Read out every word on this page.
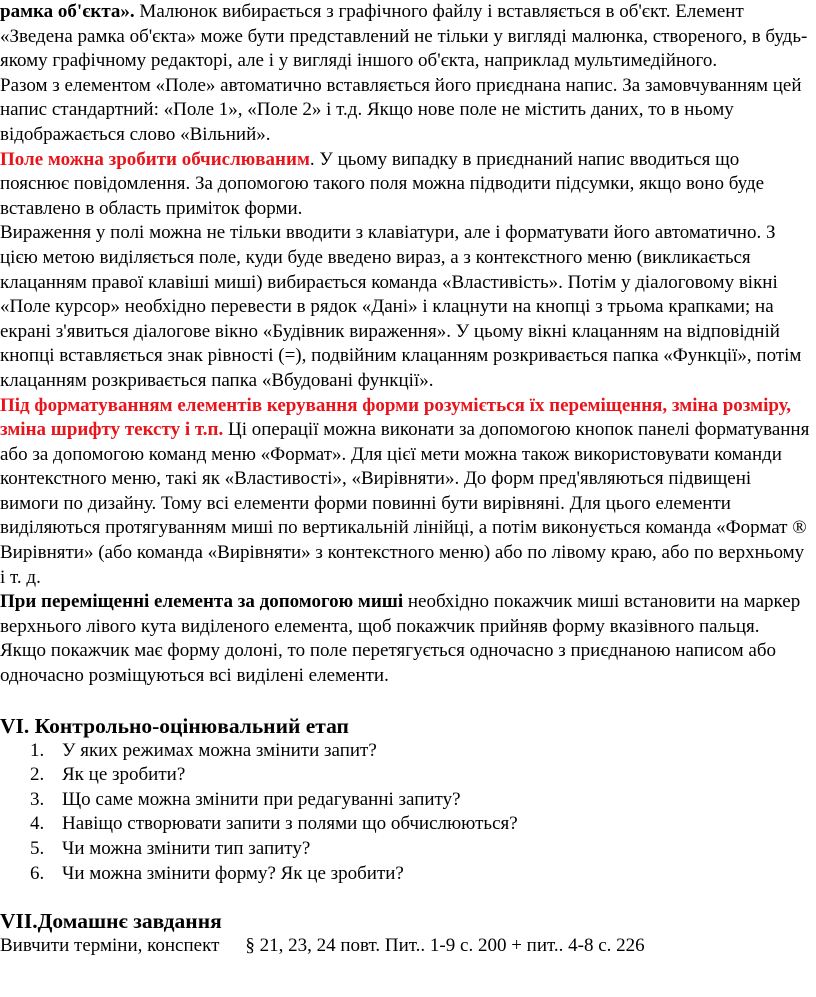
рамка об'єкта». Малюнок вибирається з графічного файлу і вставляється в об'єкт. Елемент «Зведена рамка об'єкта» може бути представлений не тільки у вигляді малюнка, створеного, в будь-якому графічному редакторі, але і у вигляді іншого об'єкта, наприклад мультимедійного.

Разом з елементом «Поле» автоматично вставляється його приєднана напис. За замовчуванням цей напис стандартний: «Поле 1», «Поле 2» і т.д. Якщо нове поле не містить даних, то в ньому відображається слово «Вільний».

Поле можна зробити обчислюваним. У цьому випадку в приєднаний напис вводиться що пояснює повідомлення. За допомогою такого поля можна підводити підсумки, якщо воно буде вставлено в область приміток форми.

Вираження у полі можна не тільки вводити з клавіатури, але і форматувати його автоматично. З цією метою виділяється поле, куди буде введено вираз, а з контекстного меню (викликається клацанням правої клавіші миші) вибирається команда «Властивість». Потім у діалоговому вікні «Поле курсор» необхідно перевести в рядок «Дані» і клацнути на кнопці з трьома крапками; на екрані з'явиться діалогове вікно «Будівник вираження». У цьому вікні клацанням на відповідній кнопці вставляється знак рівності (=), подвійним клацанням розкривається папка «Функції», потім клацанням розкривається папка «Вбудовані функції».

Під форматуванням елементів керування форми розуміється їх переміщення, зміна розміру, зміна шрифту тексту і т.п. Ці операції можна виконати за допомогою кнопок панелі форматування або за допомогою команд меню «Формат». Для цієї мети можна також використовувати команди контекстного меню, такі як «Властивості», «Вирівняти». До форм пред'являються підвищені вимоги по дизайну. Тому всі елементи форми повинні бути вирівняні. Для цього елементи виділяються протягуванням миші по вертикальній лінійці, а потім виконується команда «Формат ® Вирівняти» (або команда «Вирівняти» з контекстного меню) або по лівому краю, або по верхньому і т. д.

При переміщенні елемента за допомогою миші необхідно покажчик миші встановити на маркер верхнього лівого кута виділеного елемента, щоб покажчик прийняв форму вказівного пальця. Якщо покажчик має форму долоні, то поле перетягується одночасно з приєднаною написом або одночасно розміщуються всі виділені елементи.

VI. Контрольно-оцінювальний етап
1. У яких режимах можна змінити запит?
2. Як це зробити?
3. Що саме можна змінити при редагуванні запиту?
4. Навіщо створювати запити з полями що обчислюються?
5. Чи можна змінити тип запиту?
6. Чи можна змінити форму? Як це зробити?
VII.Домашнє завдання

Вивчити терміни, конспект § 21, 23, 24 повт. Пит.. 1-9 с. 200 + пит.. 4-8 с. 226
